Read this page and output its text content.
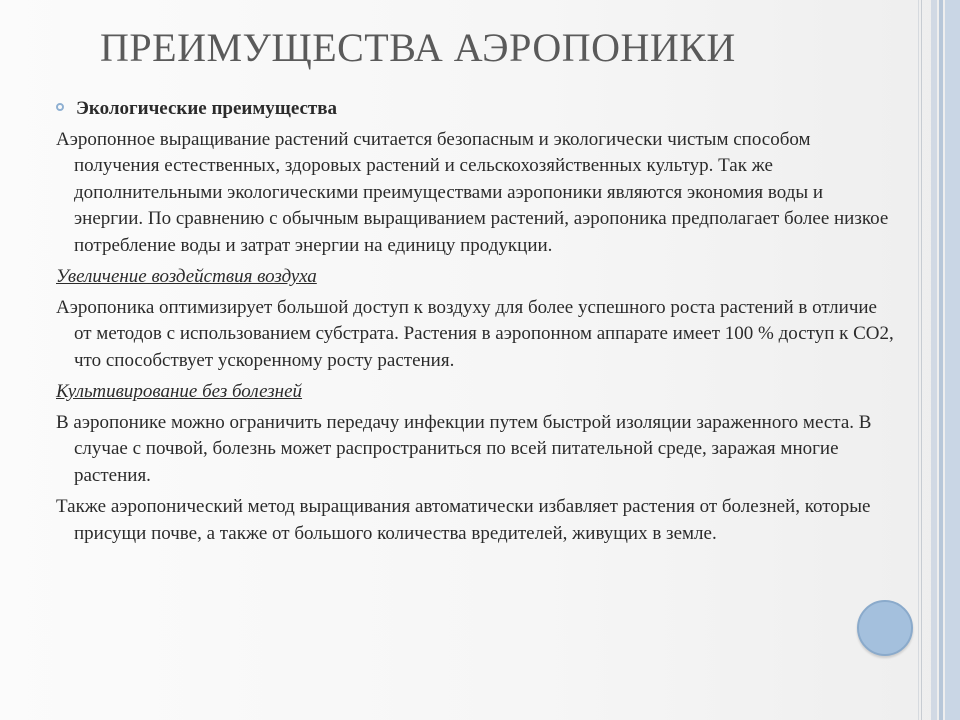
ПРЕИМУЩЕСТВА АЭРОПОНИКИ
Экологические преимущества

Аэропонное выращивание растений считается безопасным и экологически чистым способом получения естественных, здоровых растений и сельскохозяйственных культур. Так же дополнительными экологическими преимуществами аэропоники являются экономия воды и энергии. По сравнению с обычным выращиванием растений, аэропоника предполагает более низкое потребление воды и затрат энергии на единицу продукции.

Увеличение воздействия воздуха

Аэропоника оптимизирует большой доступ к воздуху для более успешного роста растений в отличие от методов с использованием субстрата. Растения в аэропонном аппарате имеет 100 % доступ к CO2, что способствует ускоренному росту растения.

Культивирование без болезней

В аэропонике можно ограничить передачу инфекции путем быстрой изоляции зараженного места. В случае с почвой, болезнь может распространиться по всей питательной среде, заражая многие растения.

Также аэропонический метод выращивания автоматически избавляет растения от болезней, которые присущи почве, а также от большого количества вредителей, живущих в земле.
